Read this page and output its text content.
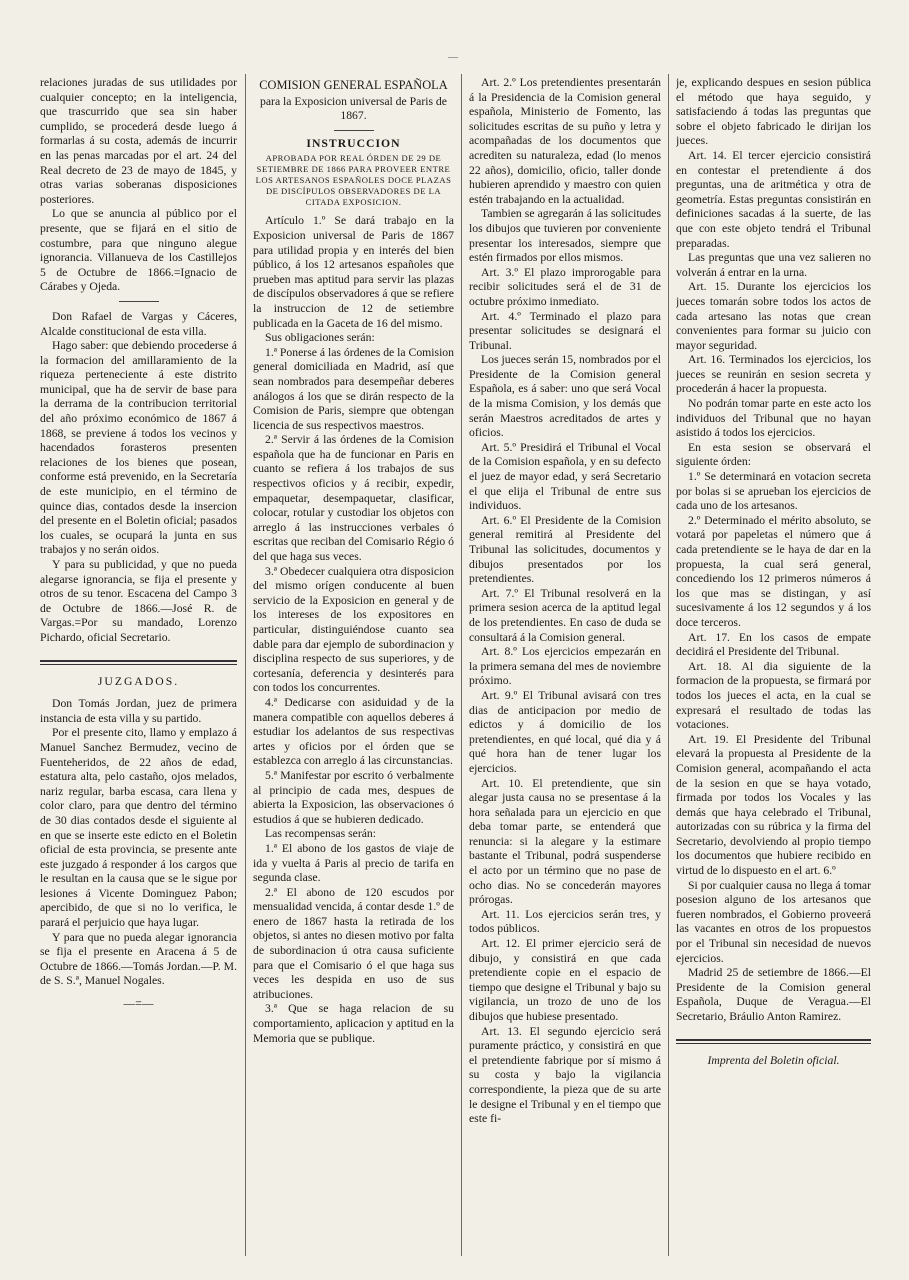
—

relaciones juradas de sus utilidades por cualquier concepto; en la inteligencia, que trascurrido que sea sin haber cumplido, se procederá desde luego á formarlas á su costa, además de incurrir en las penas marcadas por el art. 24 del Real decreto de 23 de mayo de 1845, y otras varias soberanas disposiciones posteriores.

Lo que se anuncia al público por el presente, que se fijará en el sitio de costumbre, para que ninguno alegue ignorancia. Villanueva de los Castillejos 5 de Octubre de 1866.=Ignacio de Cárabes y Ojeda.

Don Rafael de Vargas y Cáceres, Alcalde constitucional de esta villa.

Hago saber: que debiendo procederse á la formacion del amillaramiento de la riqueza perteneciente á este distrito municipal, que ha de servir de base para la derrama de la contribucion territorial del año próximo económico de 1867 á 1868, se previene á todos los vecinos y hacendados forasteros presenten relaciones de los bienes que posean, conforme está prevenido, en la Secretaría de este municipio, en el término de quince dias, contados desde la insercion del presente en el Boletin oficial; pasados los cuales, se ocupará la junta en sus trabajos y no serán oidos.

Y para su publicidad, y que no pueda alegarse ignorancia, se fija el presente y otros de su tenor. Escacena del Campo 3 de Octubre de 1866.—José R. de Vargas.=Por su mandado, Lorenzo Pichardo, oficial Secretario.

JUZGADOS.

Don Tomás Jordan, juez de primera instancia de esta villa y su partido.

Por el presente cito, llamo y emplazo á Manuel Sanchez Bermudez, vecino de Fuenteheridos, de 22 años de edad, estatura alta, pelo castaño, ojos melados, nariz regular, barba escasa, cara llena y color claro, para que dentro del término de 30 dias contados desde el siguiente al en que se inserte este edicto en el Boletin oficial de esta provincia, se presente ante este juzgado á responder á los cargos que le resultan en la causa que se le sigue por lesiones á Vicente Dominguez Pabon; apercibido, de que si no lo verifica, le parará el perjuicio que haya lugar.

Y para que no pueda alegar ignorancia se fija el presente en Aracena á 5 de Octubre de 1866.—Tomás Jordan.—P. M. de S. S.ª, Manuel Nogales.

—=—
COMISION GENERAL ESPAÑOLA
para la Exposicion universal de Paris de 1867.
INSTRUCCION
APROBADA POR REAL ÓRDEN DE 29 DE SETIEMBRE DE 1866 PARA PROVEER ENTRE LOS ARTESANOS ESPAÑOLES DOCE PLAZAS DE DISCÍPULOS OBSERVADORES DE LA CITADA EXPOSICION.

Artículo 1.º Se dará trabajo en la Exposicion universal de Paris de 1867 para utilidad propia y en interés del bien público, á los 12 artesanos españoles que prueben mas aptitud para servir las plazas de discípulos observadores á que se refiere la instruccion de 12 de setiembre publicada en la Gaceta de 16 del mismo.

Sus obligaciones serán:

1.ª Ponerse á las órdenes de la Comision general domiciliada en Madrid, así que sean nombrados para desempeñar deberes análogos á los que se dirán respecto de la Comision de Paris, siempre que obtengan licencia de sus respectivos maestros.

2.ª Servir á las órdenes de la Comision española que ha de funcionar en Paris en cuanto se refiera á los trabajos de sus respectivos oficios y á recibir, expedir, empaquetar, desempaquetar, clasificar, colocar, rotular y custodiar los objetos con arreglo á las instrucciones verbales ó escritas que reciban del Comisario Régio ó del que haga sus veces.

3.ª Obedecer cualquiera otra disposicion del mismo orígen conducente al buen servicio de la Exposicion en general y de los intereses de los expositores en particular, distinguiéndose cuanto sea dable para dar ejemplo de subordinacion y disciplina respecto de sus superiores, y de cortesanía, deferencia y desinterés para con todos los concurrentes.

4.ª Dedicarse con asiduidad y de la manera compatible con aquellos deberes á estudiar los adelantos de sus respectivas artes y oficios por el órden que se establezca con arreglo á las circunstancias.

5.ª Manifestar por escrito ó verbalmente al principio de cada mes, despues de abierta la Exposicion, las observaciones ó estudios á que se hubieren dedicado.

Las recompensas serán:

1.ª El abono de los gastos de viaje de ida y vuelta á Paris al precio de tarifa en segunda clase.

2.ª El abono de 120 escudos por mensualidad vencida, á contar desde 1.º de enero de 1867 hasta la retirada de los objetos, si antes no diesen motivo por falta de subordinacion ú otra causa suficiente para que el Comisario ó el que haga sus veces les despida en uso de sus atribuciones.

3.ª Que se haga relacion de su comportamiento, aplicacion y aptitud en la Memoria que se publique.

Art. 2.º Los pretendientes presentarán á la Presidencia de la Comision general española, Ministerio de Fomento, las solicitudes escritas de su puño y letra y acompañadas de los documentos que acrediten su naturaleza, edad (lo menos 22 años), domicilio, oficio, taller donde hubieren aprendido y maestro con quien estén trabajando en la actualidad.

Tambien se agregarán á las solicitudes los dibujos que tuvieren por conveniente presentar los interesados, siempre que estén firmados por ellos mismos.

Art. 3.º El plazo improrogable para recibir solicitudes será el de 31 de octubre próximo inmediato.

Art. 4.º Terminado el plazo para presentar solicitudes se designará el Tribunal.

Los jueces serán 15, nombrados por el Presidente de la Comision general Española, es á saber: uno que será Vocal de la misma Comision, y los demás que serán Maestros acreditados de artes y oficios.

Art. 5.º Presidirá el Tribunal el Vocal de la Comision española, y en su defecto el juez de mayor edad, y será Secretario el que elija el Tribunal de entre sus individuos.

Art. 6.º El Presidente de la Comision general remitirá al Presidente del Tribunal las solicitudes, documentos y dibujos presentados por los pretendientes.

Art. 7.º El Tribunal resolverá en la primera sesion acerca de la aptitud legal de los pretendientes. En caso de duda se consultará á la Comision general.

Art. 8.º Los ejercicios empezarán en la primera semana del mes de noviembre próximo.

Art. 9.º El Tribunal avisará con tres dias de anticipacion por medio de edictos y á domicilio de los pretendientes, en qué local, qué dia y á qué hora han de tener lugar los ejercicios.

Art. 10. El pretendiente, que sin alegar justa causa no se presentase á la hora señalada para un ejercicio en que deba tomar parte, se entenderá que renuncia: si la alegare y la estimare bastante el Tribunal, podrá suspenderse el acto por un término que no pase de ocho dias. No se concederán mayores prórogas.

Art. 11. Los ejercicios serán tres, y todos públicos.

Art. 12. El primer ejercicio será de dibujo, y consistirá en que cada pretendiente copie en el espacio de tiempo que designe el Tribunal y bajo su vigilancia, un trozo de uno de los dibujos que hubiese presentado.

Art. 13. El segundo ejercicio será puramente práctico, y consistirá en que el pretendiente fabrique por sí mismo á su costa y bajo la vigilancia correspondiente, la pieza que de su arte le designe el Tribunal y en el tiempo que este fi-

je, explicando despues en sesion pública el método que haya seguido, y satisfaciendo á todas las preguntas que sobre el objeto fabricado le dirijan los jueces.

Art. 14. El tercer ejercicio consistirá en contestar el pretendiente á dos preguntas, una de aritmética y otra de geometría. Estas preguntas consistirán en definiciones sacadas á la suerte, de las que con este objeto tendrá el Tribunal preparadas.

Las preguntas que una vez salieren no volverán á entrar en la urna.

Art. 15. Durante los ejercicios los jueces tomarán sobre todos los actos de cada artesano las notas que crean convenientes para formar su juicio con mayor seguridad.

Art. 16. Terminados los ejercicios, los jueces se reunirán en sesion secreta y procederán á hacer la propuesta.

No podrán tomar parte en este acto los individuos del Tribunal que no hayan asistido á todos los ejercicios.

En esta sesion se observará el siguiente órden:

1.º Se determinará en votacion secreta por bolas si se aprueban los ejercicios de cada uno de los artesanos.

2.º Determinado el mérito absoluto, se votará por papeletas el número que á cada pretendiente se le haya de dar en la propuesta, la cual será general, concediendo los 12 primeros números á los que mas se distingan, y así sucesivamente á los 12 segundos y á los doce terceros.

Art. 17. En los casos de empate decidirá el Presidente del Tribunal.

Art. 18. Al dia siguiente de la formacion de la propuesta, se firmará por todos los jueces el acta, en la cual se expresará el resultado de todas las votaciones.

Art. 19. El Presidente del Tribunal elevará la propuesta al Presidente de la Comision general, acompañando el acta de la sesion en que se haya votado, firmada por todos los Vocales y las demás que haya celebrado el Tribunal, autorizadas con su rúbrica y la firma del Secretario, devolviendo al propio tiempo los documentos que hubiere recibido en virtud de lo dispuesto en el art. 6.º

Si por cualquier causa no llega á tomar posesion alguno de los artesanos que fueren nombrados, el Gobierno proveerá las vacantes en otros de los propuestos por el Tribunal sin necesidad de nuevos ejercicios.

Madrid 25 de setiembre de 1866.—El Presidente de la Comision general Española, Duque de Veragua.—El Secretario, Bráulio Anton Ramirez.

Imprenta del Boletin oficial.
